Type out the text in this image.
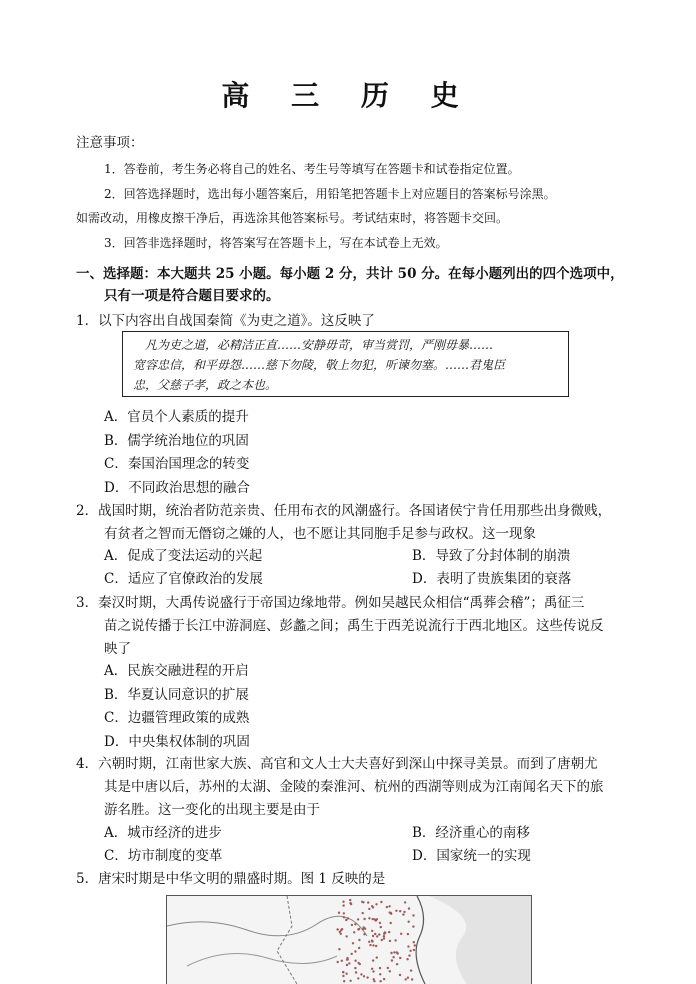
高 三 历 史
注意事项：
1．答卷前，考生务必将自己的姓名、考生号等填写在答题卡和试卷指定位置。
2．回答选择题时，选出每小题答案后，用铅笔把答题卡上对应题目的答案标号涂黑。
如需改动，用橡皮擦干净后，再选涂其他答案标号。考试结束时，将答题卡交回。
3．回答非选择题时，将答案写在答题卡上，写在本试卷上无效。
一、选择题：本大题共 25 小题。每小题 2 分，共计 50 分。在每小题列出的四个选项中，
只有一项是符合题目要求的。
1．以下内容出自战国秦简《为吏之道》。这反映了
凡为吏之道，必精洁正直……安静毋苛，审当赏罚，严刚毋暴……
宽容忠信，和平毋怨……慈下勿陵，敬上勿犯，听谏勿塞。……君鬼臣
忠，父慈子孝，政之本也。
A．官员个人素质的提升
B．儒学统治地位的巩固
C．秦国治国理念的转变
D．不同政治思想的融合
2．战国时期，统治者防范亲贵、任用布衣的风潮盛行。各国诸侯宁肯任用那些出身微贱，
有贫者之智而无僭窃之嫌的人，也不愿让其同胞手足参与政权。这一现象
A．促成了变法运动的兴起	B．导致了分封体制的崩溃
C．适应了官僚政治的发展	D．表明了贵族集团的衰落
3．秦汉时期，大禹传说盛行于帝国边缘地带。例如吴越民众相信“禹葬会稽”；禹征三
苗之说传播于长江中游洞庭、彭蠡之间；禹生于西羌说流行于西北地区。这些传说反
映了
A．民族交融进程的开启
B．华夏认同意识的扩展
C．边疆管理政策的成熟
D．中央集权体制的巩固
4．六朝时期，江南世家大族、高官和文人士大夫喜好到深山中探寻美景。而到了唐朝尤
其是中唐以后，苏州的太湖、金陵的秦淮河、杭州的西湖等则成为江南闻名天下的旅
游名胜。这一变化的出现主要是由于
A．城市经济的进步	B．经济重心的南移
C．坊市制度的变革	D．国家统一的实现
5．唐宋时期是中华文明的鼎盛时期。图 1 反映的是
